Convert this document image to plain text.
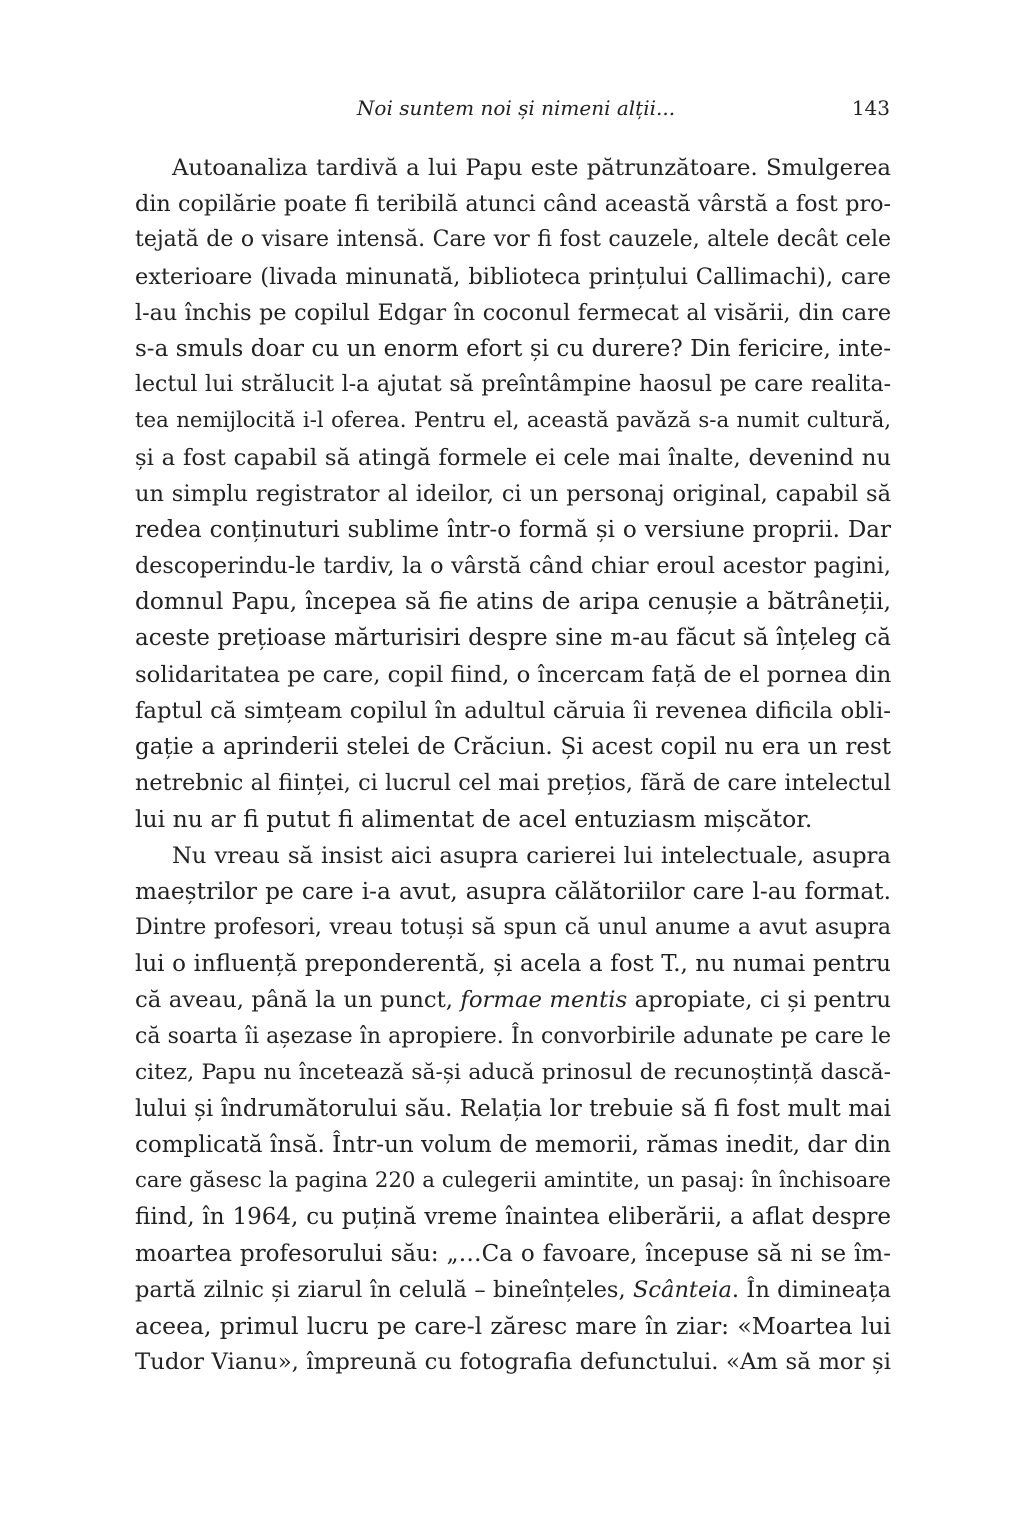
Noi suntem noi și nimeni alții...	143
Autoanaliza tardivă a lui Papu este pătrunzătoare. Smulgerea
din copilărie poate fi teribilă atunci când această vârstă a fost pro-
tejată de o visare intensă. Care vor fi fost cauzele, altele decât cele
exterioare (livada minunată, biblioteca prințului Callimachi), care
l-au închis pe copilul Edgar în coconul fermecat al visării, din care
s-a smuls doar cu un enorm efort și cu durere? Din fericire, inte-
lectul lui strălucit l-a ajutat să preîntâmpine haosul pe care realita-
tea nemijlocită i-l oferea. Pentru el, această pavăză s-a numit cultură,
și a fost capabil să atingă formele ei cele mai înalte, devenind nu
un simplu registrator al ideilor, ci un personaj original, capabil să
redea conținuturi sublime într-o formă și o versiune proprii. Dar
descoperindu-le tardiv, la o vârstă când chiar eroul acestor pagini,
domnul Papu, începea să fie atins de aripa cenușie a bătrâneții,
aceste prețioase mărturisiri despre sine m-au făcut să înțeleg că
solidaritatea pe care, copil fiind, o încercam față de el pornea din
faptul că simțeam copilul în adultul căruia îi revenea dificila obli-
gație a aprinderii stelei de Crăciun. Și acest copil nu era un rest
netrebnic al ființei, ci lucrul cel mai prețios, fără de care intelectul
lui nu ar fi putut fi alimentat de acel entuziasm mișcător.
Nu vreau să insist aici asupra carierei lui intelectuale, asupra
maeștrilor pe care i-a avut, asupra călătoriilor care l-au format.
Dintre profesori, vreau totuși să spun că unul anume a avut asupra
lui o influență preponderentă, și acela a fost T., nu numai pentru
că aveau, până la un punct, formae mentis apropiate, ci și pentru
că soarta îi așezase în apropiere. În convorbirile adunate pe care le
citez, Papu nu încetează să-și aducă prinosul de recunoștință dască-
lului și îndrumătorului său. Relația lor trebuie să fi fost mult mai
complicată însă. Într-un volum de memorii, rămas inedit, dar din
care găsesc la pagina 220 a culegerii amintite, un pasaj: în închisoare
fiind, în 1964, cu puțină vreme înaintea eliberării, a aflat despre
moartea profesorului său: „…Ca o favoare, începuse să ni se îm-
partă zilnic și ziarul în celulă – bineînțeles, Scânteia. În dimineața
aceea, primul lucru pe care-l zăresc mare în ziar: «Moartea lui
Tudor Vianu», împreună cu fotografia defunctului. «Am să mor și
